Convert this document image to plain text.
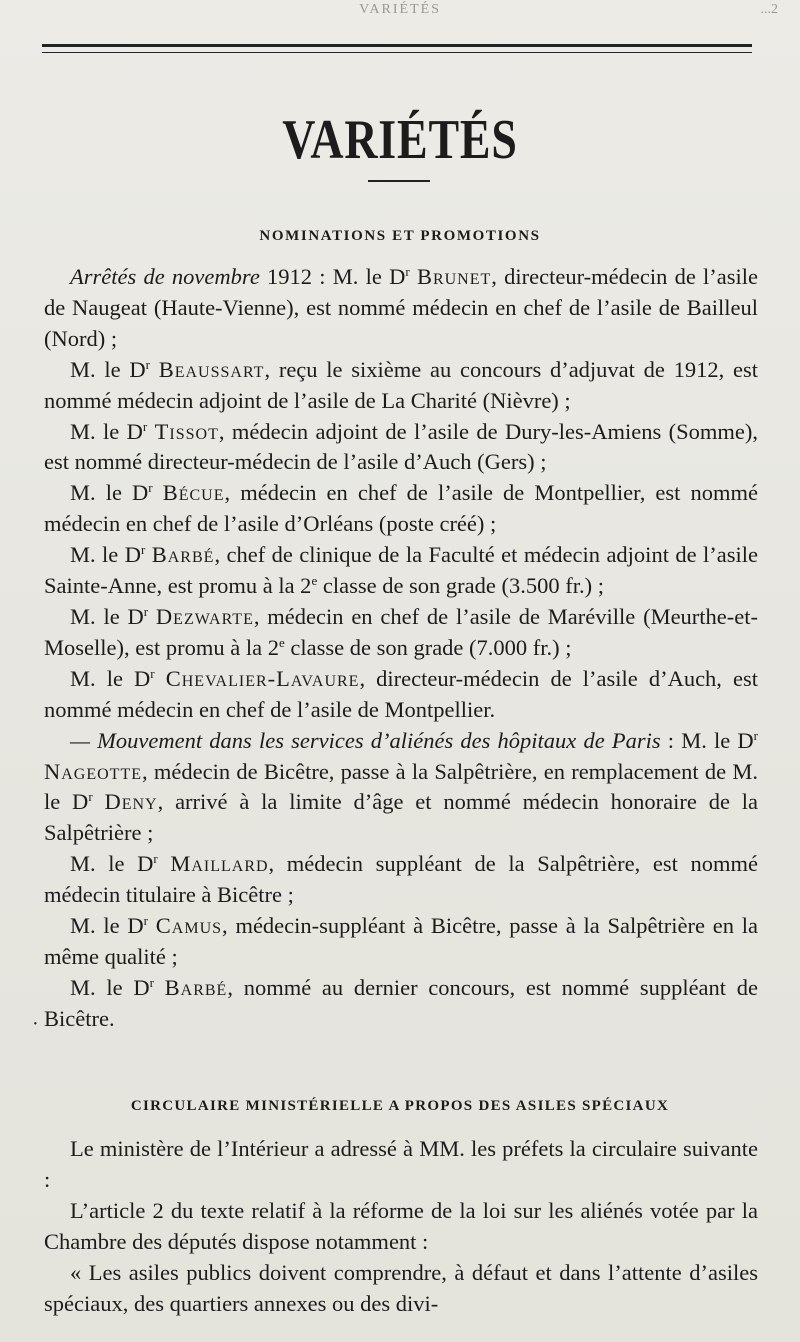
VARIÉTÉS	...2
VARIÉTÉS
NOMINATIONS ET PROMOTIONS

Arrêtés de novembre 1912 : M. le $D^r$ Brunet, directeur-médecin de l’asile de Naugeat (Haute-Vienne), est nommé médecin en chef de l’asile de Bailleul (Nord) ;

M. le $D^r$ Beaussart, reçu le sixième au concours d’adjuvat de 1912, est nommé médecin adjoint de l’asile de La Charité (Nièvre) ;

M. le $D^r$ Tissot, médecin adjoint de l’asile de Dury-les-Amiens (Somme), est nommé directeur-médecin de l’asile d’Auch (Gers) ;

M. le $D^r$ Bécue, médecin en chef de l’asile de Montpellier, est nommé médecin en chef de l’asile d’Orléans (poste créé) ;

M. le $D^r$ Barbé, chef de clinique de la Faculté et médecin adjoint de l’asile Sainte-Anne, est promu à la 2e classe de son grade (3.500 fr.) ;

M. le $D^r$ Dezwarte, médecin en chef de l’asile de Maréville (Meurthe-et-Moselle), est promu à la 2e classe de son grade (7.000 fr.) ;

M. le $D^r$ Chevalier-Lavaure, directeur-médecin de l’asile d’Auch, est nommé médecin en chef de l’asile de Montpellier.

— Mouvement dans les services d’aliénés des hôpitaux de Paris : M. le $D^r$ Nageotte, médecin de Bicêtre, passe à la Salpêtrière, en remplacement de M. le $D^r$ Deny, arrivé à la limite d’âge et nommé médecin honoraire de la Salpêtrière ;

M. le $D^r$ Maillard, médecin suppléant de la Salpêtrière, est nommé médecin titulaire à Bicêtre ;

M. le $D^r$ Camus, médecin-suppléant à Bicêtre, passe à la Salpêtrière en la même qualité ;

M. le $D^r$ Barbé, nommé au dernier concours, est nommé suppléant de Bicêtre.

·
CIRCULAIRE MINISTÉRIELLE A PROPOS DES ASILES SPÉCIAUX

Le ministère de l’Intérieur a adressé à MM. les préfets la circulaire suivante :

L’article 2 du texte relatif à la réforme de la loi sur les aliénés votée par la Chambre des députés dispose notamment :

« Les asiles publics doivent comprendre, à défaut et dans l’attente d’asiles spéciaux, des quartiers annexes ou des divi-
